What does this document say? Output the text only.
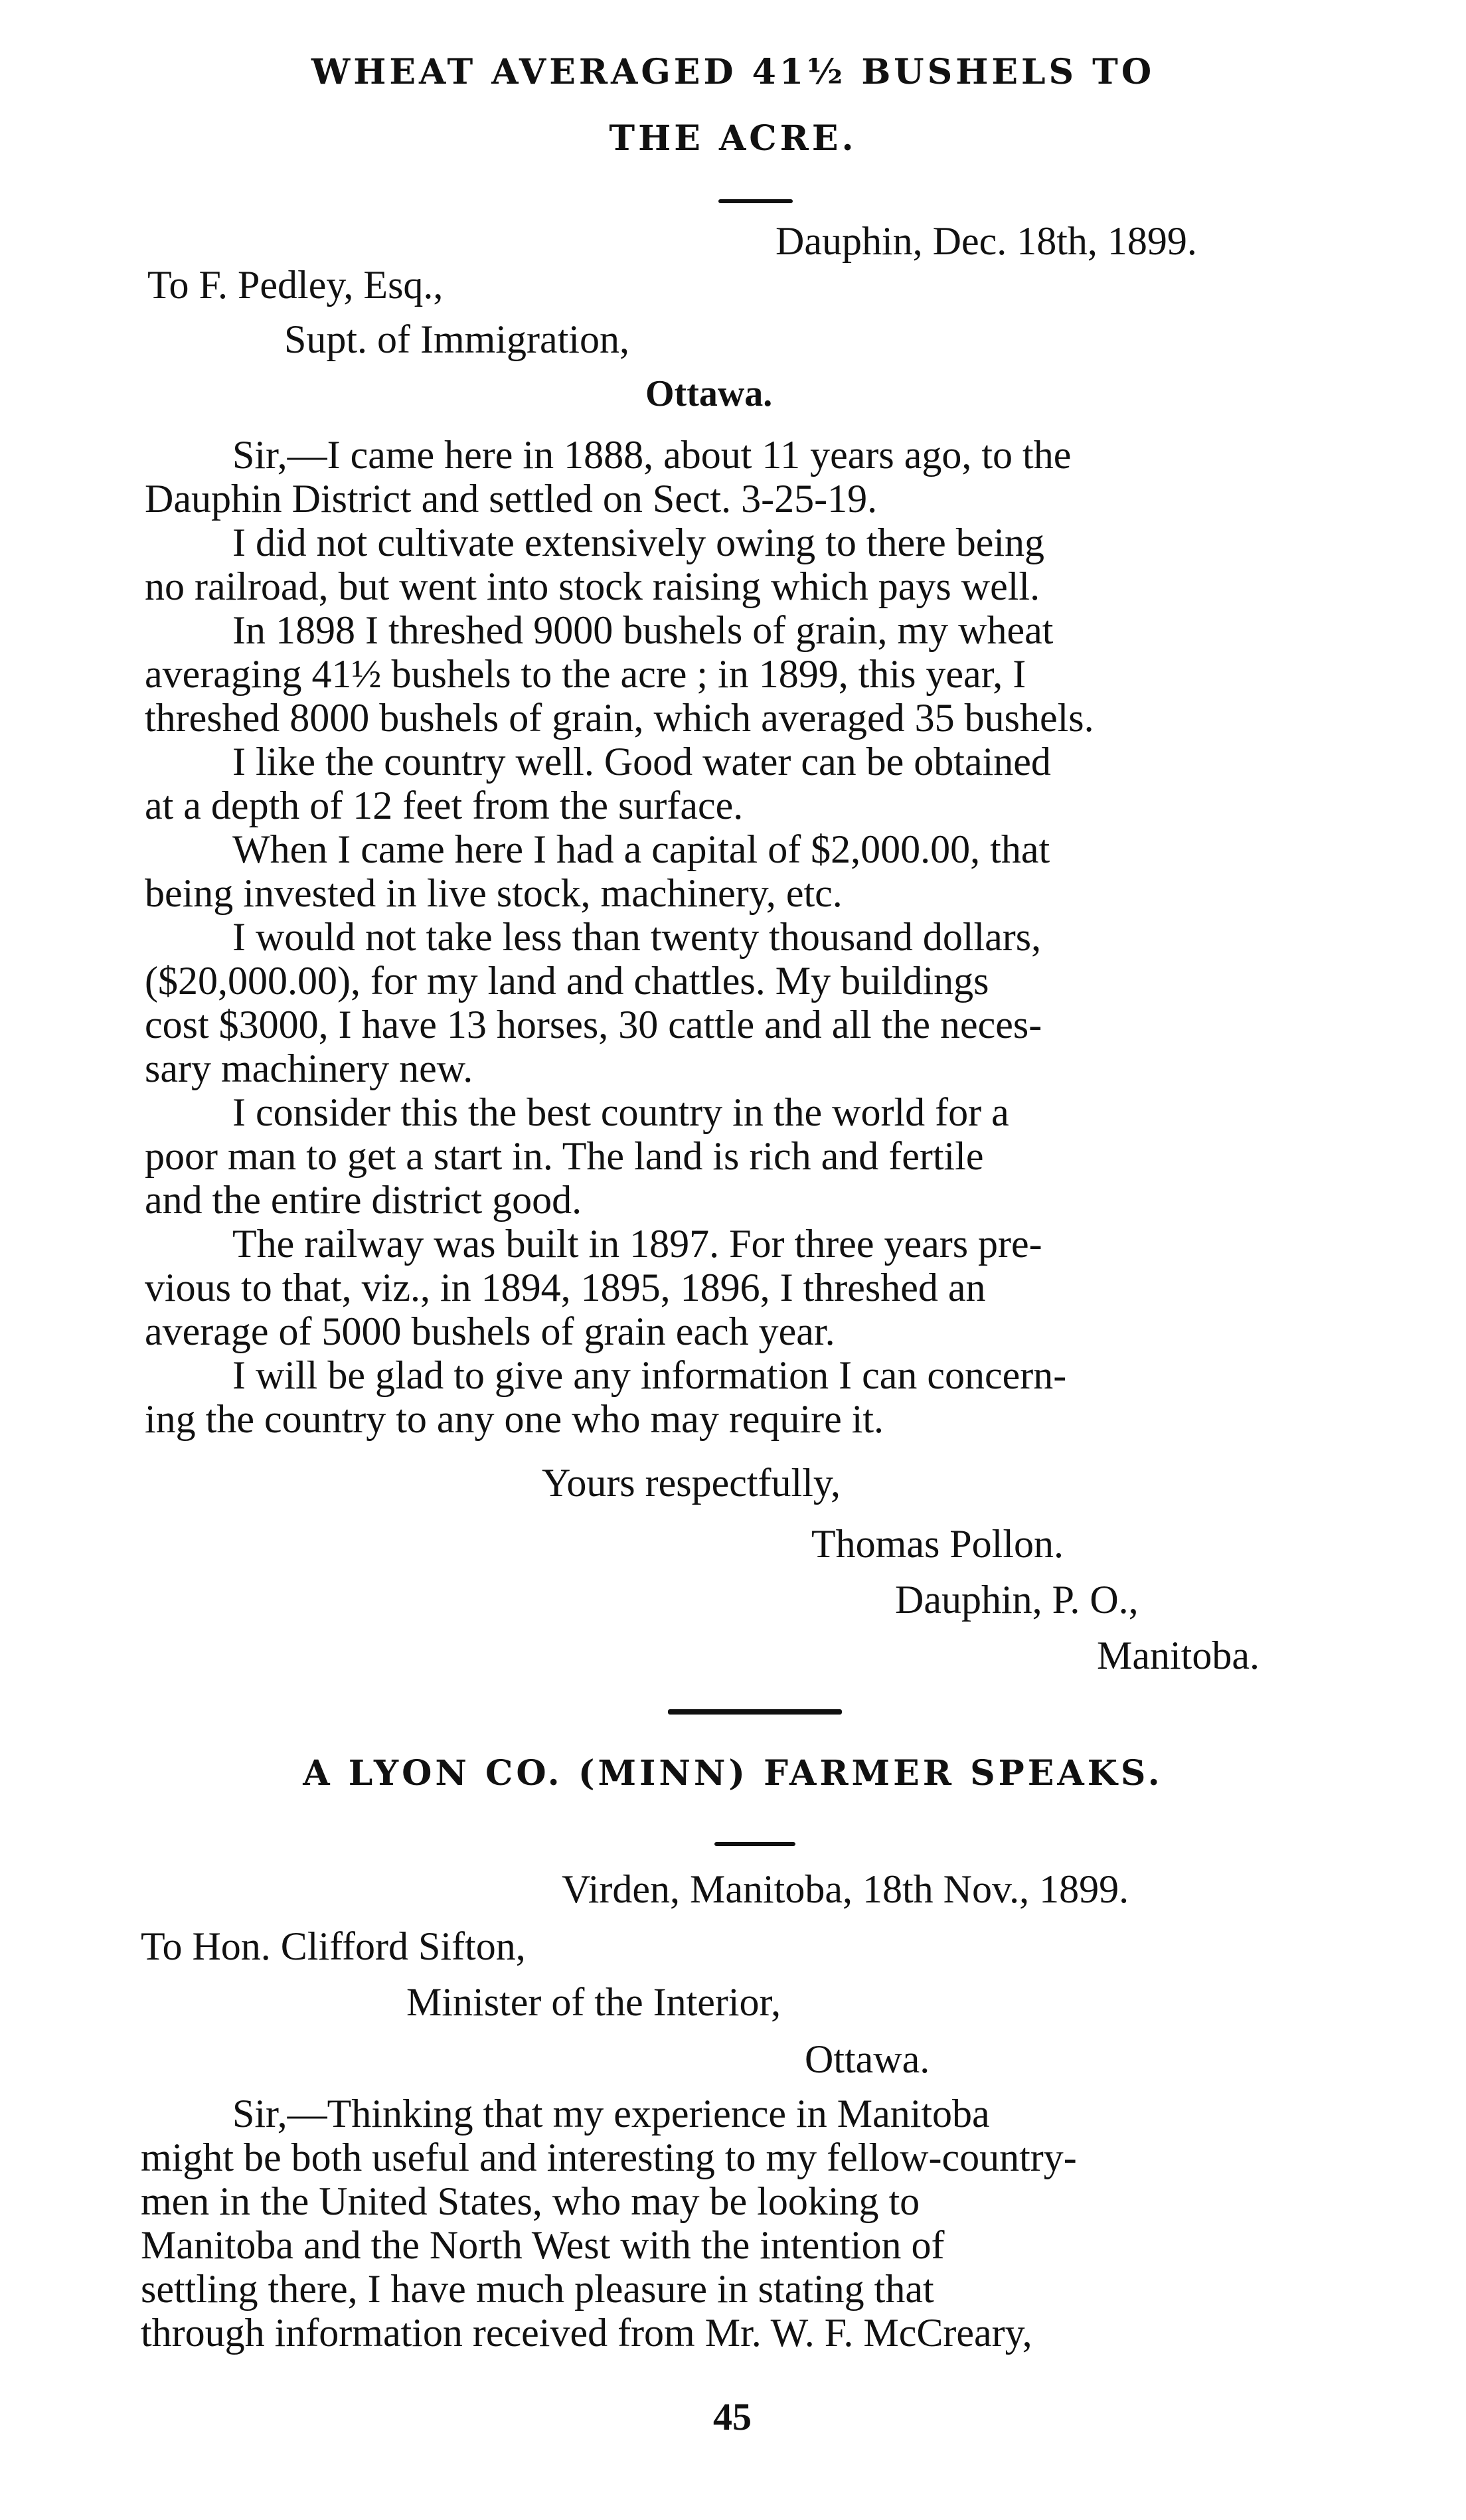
WHEAT AVERAGED 41½ BUSHELS TO
THE ACRE.
Dauphin, Dec. 18th, 1899.
To F. Pedley, Esq.,
Supt. of Immigration,
Ottawa.
Sir,—I came here in 1888, about 11 years ago, to the
Dauphin District and settled on Sect. 3-25-19.
I did not cultivate extensively owing to there being
no railroad, but went into stock raising which pays well.
In 1898 I threshed 9000 bushels of grain, my wheat
averaging 41½ bushels to the acre ; in 1899, this year, I
threshed 8000 bushels of grain, which averaged 35 bushels.
I like the country well. Good water can be obtained
at a depth of 12 feet from the surface.
When I came here I had a capital of $2,000.00, that
being invested in live stock, machinery, etc.
I would not take less than twenty thousand dollars,
($20,000.00), for my land and chattles. My buildings
cost $3000, I have 13 horses, 30 cattle and all the neces-
sary machinery new.
I consider this the best country in the world for a
poor man to get a start in. The land is rich and fertile
and the entire district good.
The railway was built in 1897. For three years pre-
vious to that, viz., in 1894, 1895, 1896, I threshed an
average of 5000 bushels of grain each year.
I will be glad to give any information I can concern-
ing the country to any one who may require it.
Yours respectfully,
Thomas Pollon.
Dauphin, P. O.,
Manitoba.
A LYON CO. (MINN) FARMER SPEAKS.
Virden, Manitoba, 18th Nov., 1899.
To Hon. Clifford Sifton,
Minister of the Interior,
Ottawa.
Sir,—Thinking that my experience in Manitoba
might be both useful and interesting to my fellow-country-
men in the United States, who may be looking to
Manitoba and the North West with the intention of
settling there, I have much pleasure in stating that
through information received from Mr. W. F. McCreary,
45
